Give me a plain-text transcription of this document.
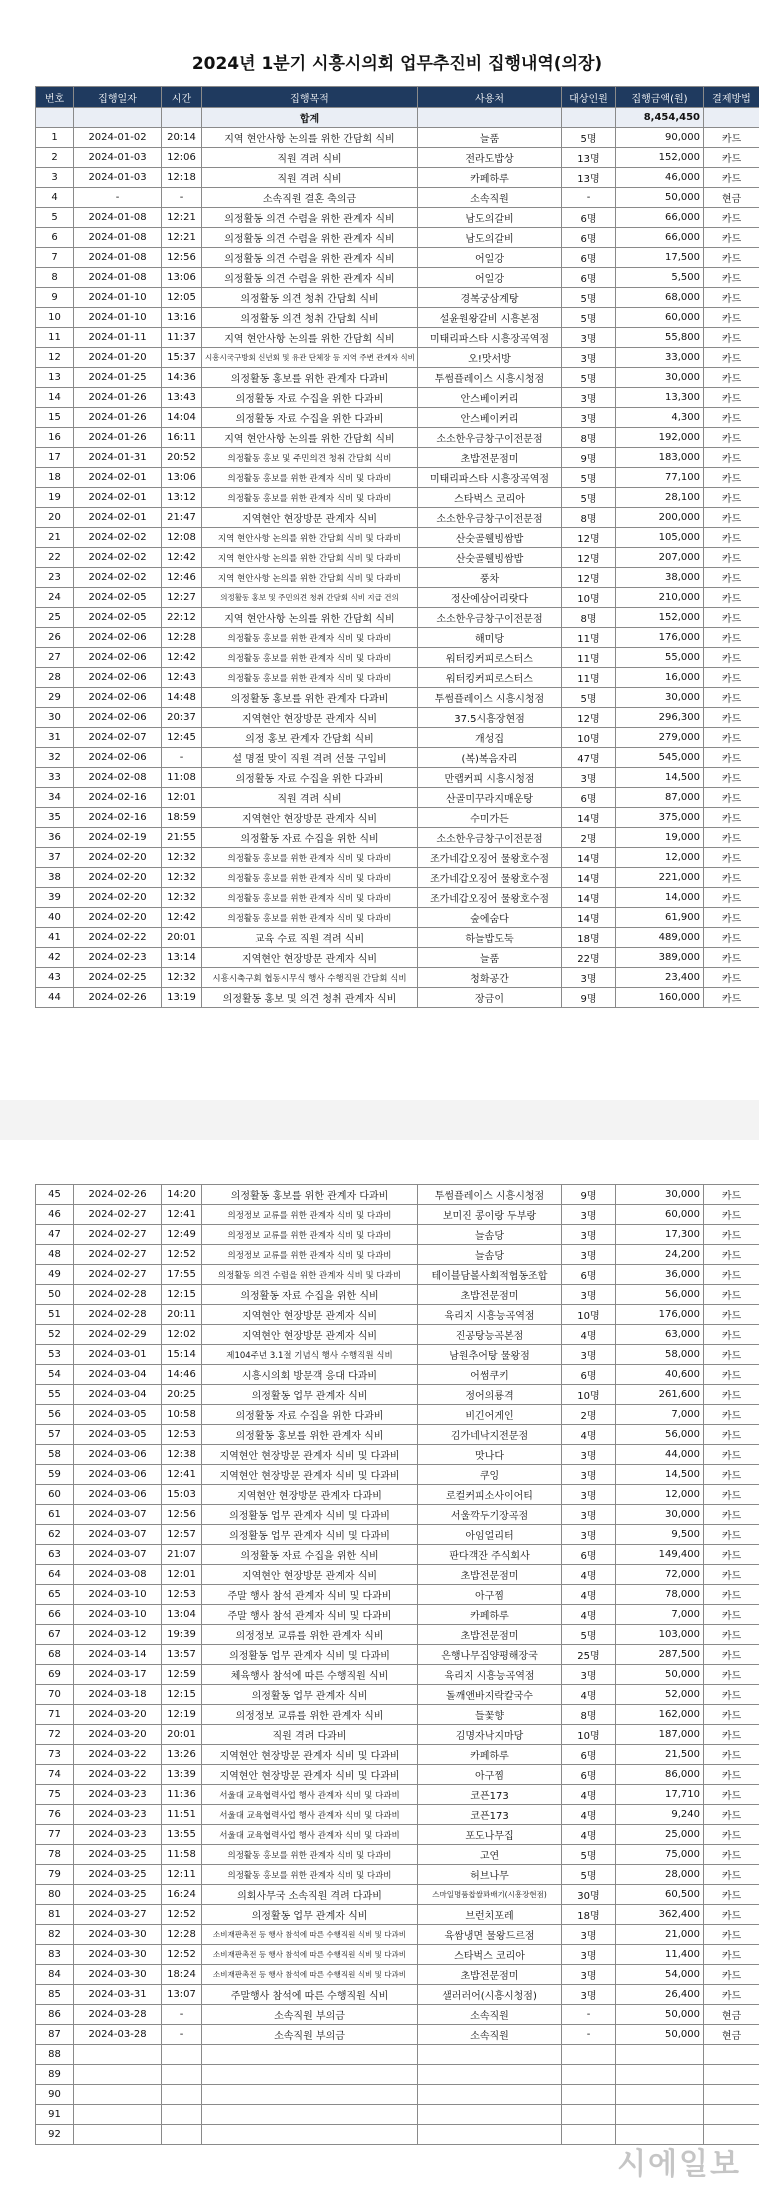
2024년 1분기 시흥시의회 업무추진비 집행내역(의장)
번호	집행일자	시간	집행목적	사용처	대상인원	집행금액(원)	결제방법
			합계			8,454,450	
1	2024-01-02	20:14	지역 현안사항 논의를 위한 간담회 식비	늘품	5명	90,000	카드
2	2024-01-03	12:06	직원 격려 식비	전라도밥상	13명	152,000	카드
3	2024-01-03	12:18	직원 격려 식비	카페하루	13명	46,000	카드
4	-	-	소속직원 결혼 축의금	소속직원	-	50,000	현금
5	2024-01-08	12:21	의정활동 의견 수렴을 위한 관계자 식비	남도의갈비	6명	66,000	카드
6	2024-01-08	12:21	의정활동 의견 수렴을 위한 관계자 식비	남도의갈비	6명	66,000	카드
7	2024-01-08	12:56	의정활동 의견 수렴을 위한 관계자 식비	어일강	6명	17,500	카드
8	2024-01-08	13:06	의정활동 의견 수렴을 위한 관계자 식비	어일강	6명	5,500	카드
9	2024-01-10	12:05	의정활동 의견 청취 간담회 식비	경복궁삼계탕	5명	68,000	카드
10	2024-01-10	13:16	의정활동 의견 청취 간담회 식비	설윤원왕갈비 시흥본점	5명	60,000	카드
11	2024-01-11	11:37	지역 현안사항 논의를 위한 간담회 식비	미태리파스타 시흥장곡역점	3명	55,800	카드
12	2024-01-20	15:37	시흥시국구방회 신년회 및 유관 단체장 등 지역 주변 관계자 식비	오!맛서방	3명	33,000	카드
13	2024-01-25	14:36	의정활동 홍보를 위한 관계자 다과비	투썸플레이스 시흥시청점	5명	30,000	카드
14	2024-01-26	13:43	의정활동 자료 수집을 위한 다과비	안스베이커리	3명	13,300	카드
15	2024-01-26	14:04	의정활동 자료 수집을 위한 다과비	안스베이커리	3명	4,300	카드
16	2024-01-26	16:11	지역 현안사항 논의를 위한 간담회 식비	소소한우금창구이전문점	8명	192,000	카드
17	2024-01-31	20:52	의정활동 홍보 및 주민의견 청취 간담회 식비	초밥전문점미	9명	183,000	카드
18	2024-02-01	13:06	의정활동 홍보를 위한 관계자 식비 및 다과비	미태리파스타 시흥장곡역점	5명	77,100	카드
19	2024-02-01	13:12	의정활동 홍보를 위한 관계자 식비 및 다과비	스타벅스 코리아	5명	28,100	카드
20	2024-02-01	21:47	지역현안 현장방문 관계자 식비	소소한우금창구이전문점	8명	200,000	카드
21	2024-02-02	12:08	지역 현안사항 논의를 위한 간담회 식비 및 다과비	산숫골웰빙쌈밥	12명	105,000	카드
22	2024-02-02	12:42	지역 현안사항 논의를 위한 간담회 식비 및 다과비	산숫골웰빙쌈밥	12명	207,000	카드
23	2024-02-02	12:46	지역 현안사항 논의를 위한 간담회 식비 및 다과비	풍차	12명	38,000	카드
24	2024-02-05	12:27	의정활동 홍보 및 주민의견 청취 간담회 식비 지급 건의	정산예삼어리랏다	10명	210,000	카드
25	2024-02-05	22:12	지역 현안사항 논의를 위한 간담회 식비	소소한우금창구이전문점	8명	152,000	카드
26	2024-02-06	12:28	의정활동 홍보를 위한 관계자 식비 및 다과비	해미당	11명	176,000	카드
27	2024-02-06	12:42	의정활동 홍보를 위한 관계자 식비 및 다과비	워터킹커피로스터스	11명	55,000	카드
28	2024-02-06	12:43	의정활동 홍보를 위한 관계자 식비 및 다과비	워터킹커피로스터스	11명	16,000	카드
29	2024-02-06	14:48	의정활동 홍보를 위한 관계자 다과비	투썸플레이스 시흥시청점	5명	30,000	카드
30	2024-02-06	20:37	지역현안 현장방문 관계자 식비	37.5시흥장현점	12명	296,300	카드
31	2024-02-07	12:45	의정 홍보 관계자 간담회 식비	개성집	10명	279,000	카드
32	2024-02-06	-	설 명절 맞이 직원 격려 선물 구입비	(복)복음자리	47명	545,000	카드
33	2024-02-08	11:08	의정활동 자료 수집을 위한 다과비	만랩커피 시흥시청점	3명	14,500	카드
34	2024-02-16	12:01	직원 격려 식비	산골미꾸라지매운탕	6명	87,000	카드
35	2024-02-16	18:59	지역현안 현장방문 관계자 식비	수미가든	14명	375,000	카드
36	2024-02-19	21:55	의정활동 자료 수집을 위한 식비	소소한우금창구이전문점	2명	19,000	카드
37	2024-02-20	12:32	의정활동 홍보를 위한 관계자 식비 및 다과비	조가네갑오징어 물왕호수점	14명	12,000	카드
38	2024-02-20	12:32	의정활동 홍보를 위한 관계자 식비 및 다과비	조가네갑오징어 물왕호수점	14명	221,000	카드
39	2024-02-20	12:32	의정활동 홍보를 위한 관계자 식비 및 다과비	조가네갑오징어 물왕호수점	14명	14,000	카드
40	2024-02-20	12:42	의정활동 홍보를 위한 관계자 식비 및 다과비	숲에숨다	14명	61,900	카드
41	2024-02-22	20:01	교육 수료 직원 격려 식비	하늘밥도둑	18명	489,000	카드
42	2024-02-23	13:14	지역현안 현장방문 관계자 식비	늘품	22명	389,000	카드
43	2024-02-25	12:32	시흥시축구회 협동시무식 행사 수행직원 간담회 식비	청화공간	3명	23,400	카드
44	2024-02-26	13:19	의정활동 홍보 및 의견 청취 관계자 식비	장금이	9명	160,000	카드
45	2024-02-26	14:20	의정활동 홍보를 위한 관계자 다과비	투썸플레이스 시흥시청점	9명	30,000	카드
46	2024-02-27	12:41	의정정보 교류를 위한 관계자 식비 및 다과비	보미진 콩이랑 두부랑	3명	60,000	카드
47	2024-02-27	12:49	의정정보 교류를 위한 관계자 식비 및 다과비	늘솜당	3명	17,300	카드
48	2024-02-27	12:52	의정정보 교류를 위한 관계자 식비 및 다과비	늘솜당	3명	24,200	카드
49	2024-02-27	17:55	의정활동 의견 수렴을 위한 관계자 식비 및 다과비	테이블담볼사회적협동조합	6명	36,000	카드
50	2024-02-28	12:15	의정활동 자료 수집을 위한 식비	초밥전문점미	3명	56,000	카드
51	2024-02-28	20:11	지역현안 현장방문 관계자 식비	육리지 시흥능곡역점	10명	176,000	카드
52	2024-02-29	12:02	지역현안 현장방문 관계자 식비	진공탕능곡본점	4명	63,000	카드
53	2024-03-01	15:14	제104주년 3.1절 기념식 행사 수행직원 식비	남원추어탕 물왕점	3명	58,000	카드
54	2024-03-04	14:46	시흥시의회 방문객 응대 다과비	어썸쿠키	6명	40,600	카드
55	2024-03-04	20:25	의정활동 업무 관계자 식비	정어의룡격	10명	261,600	카드
56	2024-03-05	10:58	의정활동 자료 수집을 위한 다과비	비긴어게인	2명	7,000	카드
57	2024-03-05	12:53	의정활동 홍보를 위한 관계자 식비	김가네낙지전문점	4명	56,000	카드
58	2024-03-06	12:38	지역현안 현장방문 관계자 식비 및 다과비	맛나다	3명	44,000	카드
59	2024-03-06	12:41	지역현안 현장방문 관계자 식비 및 다과비	쿠잉	3명	14,500	카드
60	2024-03-06	15:03	지역현안 현장방문 관계자 다과비	로컬커피소사이어티	3명	12,000	카드
61	2024-03-07	12:56	의정활동 업무 관계자 식비 및 다과비	서울깍두기장곡점	3명	30,000	카드
62	2024-03-07	12:57	의정활동 업무 관계자 식비 및 다과비	아임얼리터	3명	9,500	카드
63	2024-03-07	21:07	의정활동 자료 수집을 위한 식비	판다객잔 주식회사	6명	149,400	카드
64	2024-03-08	12:01	지역현안 현장방문 관계자 식비	초밥전문점미	4명	72,000	카드
65	2024-03-10	12:53	주말 행사 참석 관계자 식비 및 다과비	아구찜	4명	78,000	카드
66	2024-03-10	13:04	주말 행사 참석 관계자 식비 및 다과비	카페하루	4명	7,000	카드
67	2024-03-12	19:39	의정정보 교류를 위한 관계자 식비	초밥전문점미	5명	103,000	카드
68	2024-03-14	13:57	의정활동 업무 관계자 식비 및 다과비	은행나무집양평해장국	25명	287,500	카드
69	2024-03-17	12:59	체육행사 참석에 따른 수행직원 식비	육리지 시흥능곡역점	3명	50,000	카드
70	2024-03-18	12:15	의정활동 업무 관계자 식비	돌깨앤바지락칼국수	4명	52,000	카드
71	2024-03-20	12:19	의정정보 교류를 위한 관계자 식비	들꽃향	8명	162,000	카드
72	2024-03-20	20:01	직원 격려 다과비	김명자낙지마당	10명	187,000	카드
73	2024-03-22	13:26	지역현안 현장방문 관계자 식비 및 다과비	카페하루	6명	21,500	카드
74	2024-03-22	13:39	지역현안 현장방문 관계자 식비 및 다과비	아구찜	6명	86,000	카드
75	2024-03-23	11:36	서울대 교육협력사업 행사 관계자 식비 및 다과비	코픈173	4명	17,710	카드
76	2024-03-23	11:51	서울대 교육협력사업 행사 관계자 식비 및 다과비	코픈173	4명	9,240	카드
77	2024-03-23	13:55	서울대 교육협력사업 행사 관계자 식비 및 다과비	포도나무집	4명	25,000	카드
78	2024-03-25	11:58	의정활동 홍보를 위한 관계자 식비 및 다과비	고연	5명	75,000	카드
79	2024-03-25	12:11	의정활동 홍보를 위한 관계자 식비 및 다과비	허브나무	5명	28,000	카드
80	2024-03-25	16:24	의회사무국 소속직원 격려 다과비	스마일명품찹쌀꽈배기(시흥장현점)	30명	60,500	카드
81	2024-03-27	12:52	의정활동 업무 관계자 식비	브런치포레	18명	362,400	카드
82	2024-03-30	12:28	소비재판촉전 등 행사 참석에 따른 수행직원 식비 및 다과비	육쌈냉면 물왕드르점	3명	21,000	카드
83	2024-03-30	12:52	소비재판촉전 등 행사 참석에 따른 수행직원 식비 및 다과비	스타벅스 코리아	3명	11,400	카드
84	2024-03-30	18:24	소비재판촉전 등 행사 참석에 따른 수행직원 식비 및 다과비	초밥전문점미	3명	54,000	카드
85	2024-03-31	13:07	주말행사 참석에 따른 수행직원 식비	샐러러어(시흥시청점)	3명	26,400	카드
86	2024-03-28	-	소속직원 부의금	소속직원	-	50,000	현금
87	2024-03-28	-	소속직원 부의금	소속직원	-	50,000	현금
88							
89							
90							
91							
92							
시에일보
